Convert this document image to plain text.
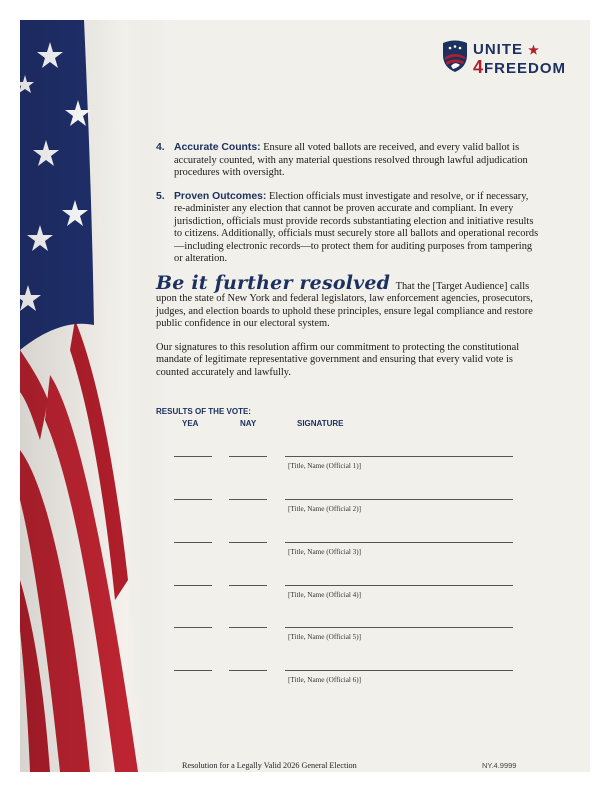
UNITE ★
4FREEDOM
4. Accurate Counts: Ensure all voted ballots are received, and every valid ballot is accurately counted, with any material questions resolved through lawful adjudication procedures with oversight.
5. Proven Outcomes: Election officials must investigate and resolve, or if necessary, re-administer any election that cannot be proven accurate and compliant. In every jurisdiction, officials must provide records substantiating election and initiative results to citizens. Additionally, officials must securely store all ballots and operational records—including electronic records—to protect them for auditing purposes from tampering or alteration.
Be it further resolved That the [Target Audience] calls upon the state of New York and federal legislators, law enforcement agencies, prosecutors, judges, and election boards to uphold these principles, ensure legal compliance and restore public confidence in our electoral system.
Our signatures to this resolution affirm our commitment to protecting the constitutional mandate of legitimate representative government and ensuring that every valid vote is counted accurately and lawfully.
RESULTS OF THE VOTE:
YEA	NAY	SIGNATURE
[Title, Name (Official 1)]
[Title, Name (Official 2)]
[Title, Name (Official 3)]
[Title, Name (Official 4)]
[Title, Name (Official 5)]
[Title, Name (Official 6)]
Resolution for a Legally Valid 2026 General Election	NY.4.9999
